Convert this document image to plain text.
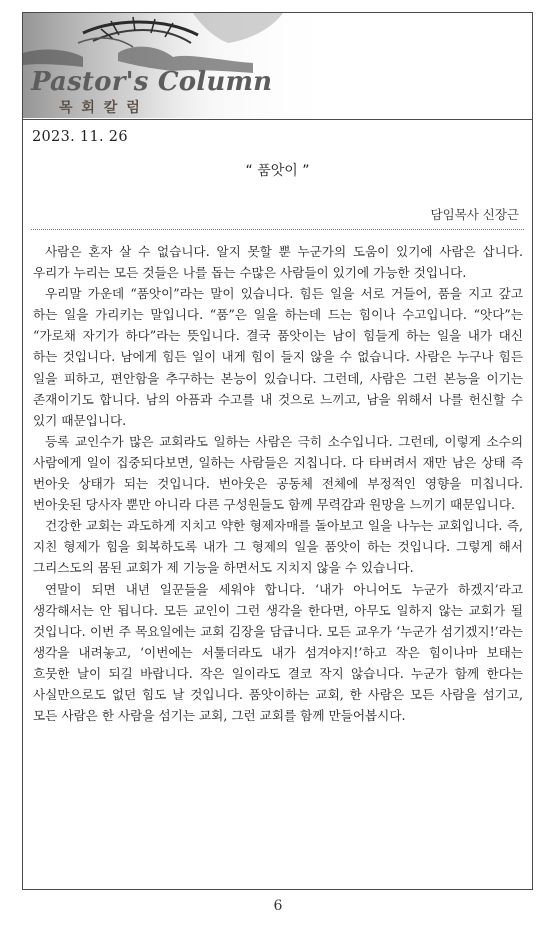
Pastor's Column
목 회 칼 럼
2023. 11. 26
“ 품앗이 ”
담임목사 신장근

사람은 혼자 살 수 없습니다. 알지 못할 뿐 누군가의 도움이 있기에 사람은 삽니다. 우리가 누리는 모든 것들은 나를 돕는 수많은 사람들이 있기에 가능한 것입니다.

우리말 가운데 “품앗이”라는 말이 있습니다. 힘든 일을 서로 거들어, 품을 지고 갚고 하는 일을 가리키는 말입니다. “품”은 일을 하는데 드는 힘이나 수고입니다. “앗다”는 “가로채 자기가 하다”라는 뜻입니다. 결국 품앗이는 남이 힘들게 하는 일을 내가 대신 하는 것입니다. 남에게 힘든 일이 내게 힘이 들지 않을 수 없습니다. 사람은 누구나 힘든 일을 피하고, 편안함을 추구하는 본능이 있습니다. 그런데, 사람은 그런 본능을 이기는 존재이기도 합니다. 남의 아픔과 수고를 내 것으로 느끼고, 남을 위해서 나를 헌신할 수 있기 때문입니다.

등록 교인수가 많은 교회라도 일하는 사람은 극히 소수입니다. 그런데, 이렇게 소수의 사람에게 일이 집중되다보면, 일하는 사람들은 지칩니다. 다 타버려서 재만 남은 상태 즉 번아웃 상태가 되는 것입니다. 번아웃은 공동체 전체에 부정적인 영향을 미칩니다. 번아웃된 당사자 뿐만 아니라 다른 구성원들도 함께 무력감과 원망을 느끼기 때문입니다.

건강한 교회는 과도하게 지치고 약한 형제자매를 돌아보고 일을 나누는 교회입니다. 즉, 지친 형제가 힘을 회복하도록 내가 그 형제의 일을 품앗이 하는 것입니다. 그렇게 해서 그리스도의 몸된 교회가 제 기능을 하면서도 지치지 않을 수 있습니다.

연말이 되면 내년 일꾼들을 세워야 합니다. ‘내가 아니어도 누군가 하겠지’라고 생각해서는 안 됩니다. 모든 교인이 그런 생각을 한다면, 아무도 일하지 않는 교회가 될 것입니다. 이번 주 목요일에는 교회 김장을 담급니다. 모든 교우가 ‘누군가 섬기겠지!’라는 생각을 내려놓고, ‘이번에는 서툴더라도 내가 섬겨야지!’하고 작은 힘이나마 보태는 흐뭇한 날이 되길 바랍니다. 작은 일이라도 결코 작지 않습니다. 누군가 함께 한다는 사실만으로도 없던 힘도 날 것입니다. 품앗이하는 교회, 한 사람은 모든 사람을 섬기고, 모든 사람은 한 사람을 섬기는 교회, 그런 교회를 함께 만들어봅시다.

6
